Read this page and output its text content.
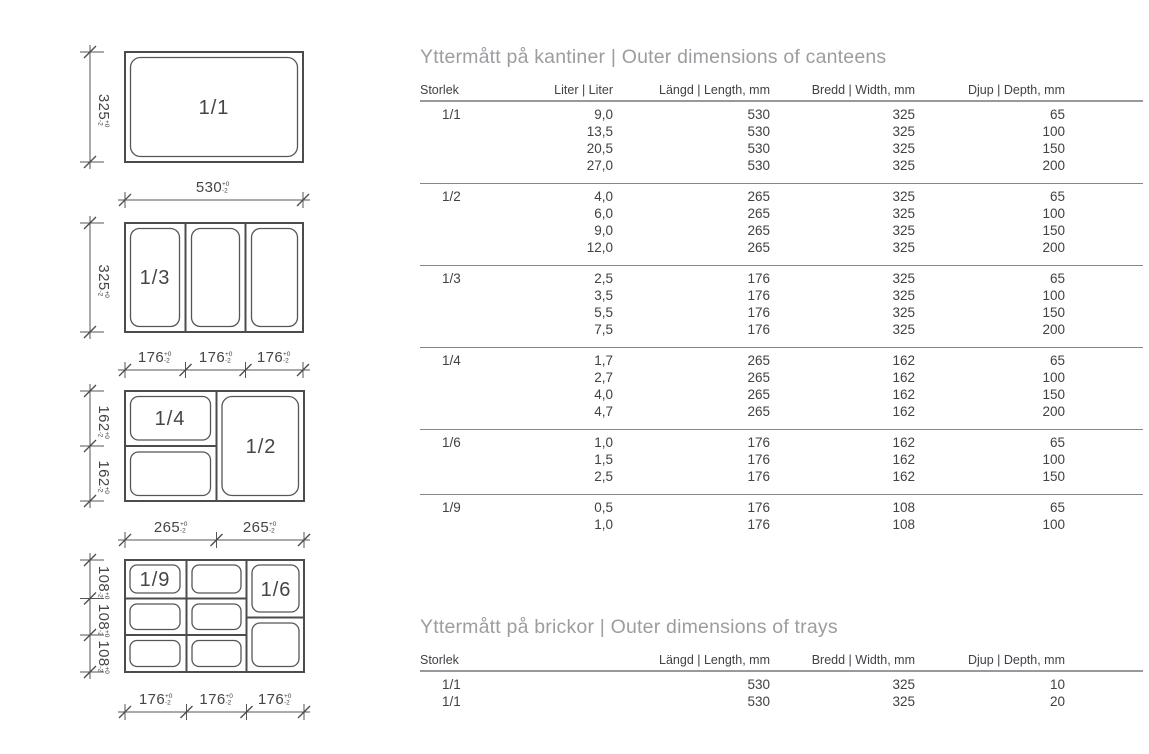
325
+0-2
1/1
530 +0 -2
325
+0-2
1/3
176 +0 -2 176 +0 -2 176 +0 -2
162
+0-2
162
+0-2
1/4
1/2
265 +0 -2	265 +0 -2
108
+0-2
108
+0-2
108
+0-2
1/9	1/6
176 +0 -2 176 +0 -2 176 +0 -2
Yttermått på kantiner | Outer dimensions of canteens
Storlek	Liter | Liter	Längd | Length, mm	Bredd | Width, mm	Djup | Depth, mm	
1/1	9,0	530	325	65	
	13,5	530	325	100	
	20,5	530	325	150	
	27,0	530	325	200	
1/2	4,0	265	325	65	
	6,0	265	325	100	
	9,0	265	325	150	
	12,0	265	325	200	
1/3	2,5	176	325	65	
	3,5	176	325	100	
	5,5	176	325	150	
	7,5	176	325	200	
1/4	1,7	265	162	65	
	2,7	265	162	100	
	4,0	265	162	150	
	4,7	265	162	200	
1/6	1,0	176	162	65	
	1,5	176	162	100	
	2,5	176	162	150	
1/9	0,5	176	108	65	
	1,0	176	108	100	
Yttermått på brickor | Outer dimensions of trays
Storlek	Längd | Length, mm	Bredd | Width, mm	Djup | Depth, mm	
1/1	530	325	10	
1/1	530	325	20	
